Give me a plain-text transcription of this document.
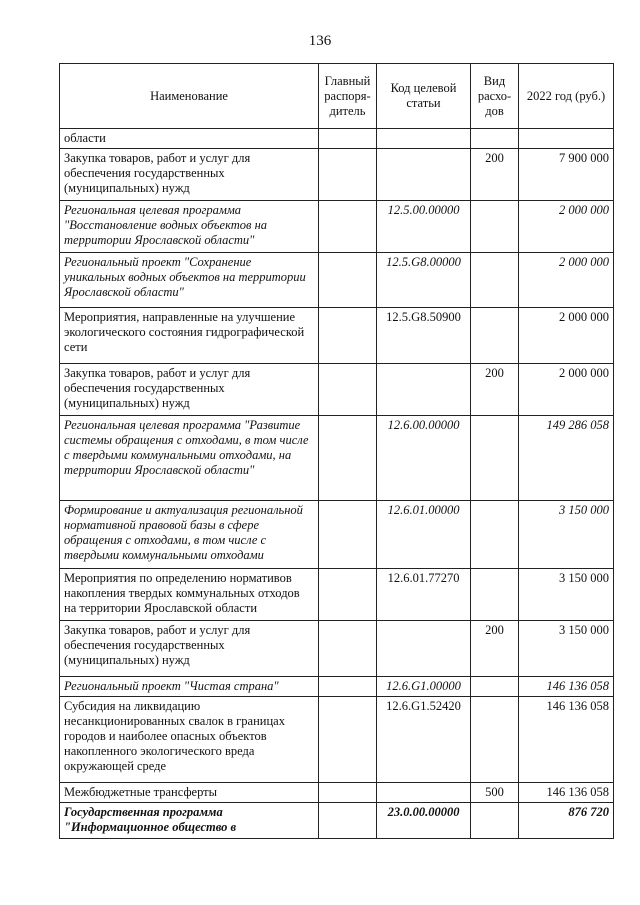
136
Наименование	Главный распоря-дитель	Код целевой статьи	Вид расхо-дов	2022 год (руб.)
области				
Закупка товаров, работ и услуг для обеспечения государственных (муниципальных) нужд			200	7 900 000
Региональная целевая программа "Восстановление водных объектов на территории Ярославской области"		12.5.00.00000		2 000 000
Региональный проект "Сохранение уникальных водных объектов на территории Ярославской области"		12.5.G8.00000		2 000 000
Мероприятия, направленные на улучшение экологического состояния гидрографической сети		12.5.G8.50900		2 000 000
Закупка товаров, работ и услуг для обеспечения государственных (муниципальных) нужд			200	2 000 000
Региональная целевая программа "Развитие системы обращения с отходами, в том числе с твердыми коммунальными отходами, на территории Ярославской области"		12.6.00.00000		149 286 058
Формирование и актуализация региональной нормативной правовой базы в сфере обращения с отходами, в том числе с твердыми коммунальными отходами		12.6.01.00000		3 150 000
Мероприятия по определению нормативов накопления твердых коммунальных отходов на территории Ярославской области		12.6.01.77270		3 150 000
Закупка товаров, работ и услуг для обеспечения государственных (муниципальных) нужд			200	3 150 000
Региональный проект "Чистая страна"		12.6.G1.00000		146 136 058
Субсидия на ликвидацию несанкционированных свалок в границах городов и наиболее опасных объектов накопленного экологического вреда окружающей среде		12.6.G1.52420		146 136 058
Межбюджетные трансферты			500	146 136 058
Государственная программа "Информационное общество в		23.0.00.00000		876 720
